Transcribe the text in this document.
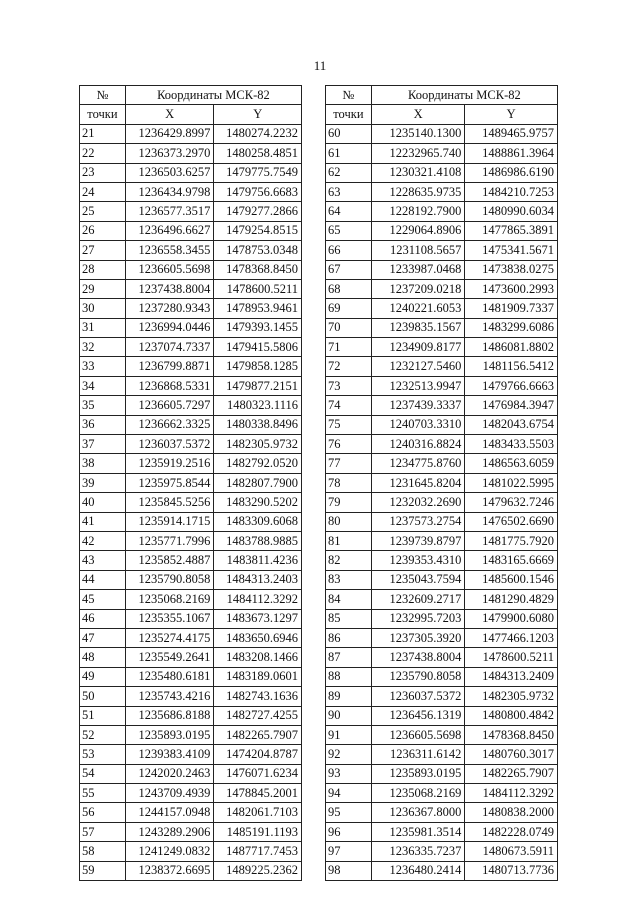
11
№	Координаты МСК-82	
точки	X	Y
21	1236429.8997	1480274.2232
22	1236373.2970	1480258.4851
23	1236503.6257	1479775.7549
24	1236434.9798	1479756.6683
25	1236577.3517	1479277.2866
26	1236496.6627	1479254.8515
27	1236558.3455	1478753.0348
28	1236605.5698	1478368.8450
29	1237438.8004	1478600.5211
30	1237280.9343	1478953.9461
31	1236994.0446	1479393.1455
32	1237074.7337	1479415.5806
33	1236799.8871	1479858.1285
34	1236868.5331	1479877.2151
35	1236605.7297	1480323.1116
36	1236662.3325	1480338.8496
37	1236037.5372	1482305.9732
38	1235919.2516	1482792.0520
39	1235975.8544	1482807.7900
40	1235845.5256	1483290.5202
41	1235914.1715	1483309.6068
42	1235771.7996	1483788.9885
43	1235852.4887	1483811.4236
44	1235790.8058	1484313.2403
45	1235068.2169	1484112.3292
46	1235355.1067	1483673.1297
47	1235274.4175	1483650.6946
48	1235549.2641	1483208.1466
49	1235480.6181	1483189.0601
50	1235743.4216	1482743.1636
51	1235686.8188	1482727.4255
52	1235893.0195	1482265.7907
53	1239383.4109	1474204.8787
54	1242020.2463	1476071.6234
55	1243709.4939	1478845.2001
56	1244157.0948	1482061.7103
57	1243289.2906	1485191.1193
58	1241249.0832	1487717.7453
59	1238372.6695	1489225.2362
№	Координаты МСК-82	
точки	X	Y
60	1235140.1300	1489465.9757
61	12232965.740	1488861.3964
62	1230321.4108	1486986.6190
63	1228635.9735	1484210.7253
64	1228192.7900	1480990.6034
65	1229064.8906	1477865.3891
66	1231108.5657	1475341.5671
67	1233987.0468	1473838.0275
68	1237209.0218	1473600.2993
69	1240221.6053	1481909.7337
70	1239835.1567	1483299.6086
71	1234909.8177	1486081.8802
72	1232127.5460	1481156.5412
73	1232513.9947	1479766.6663
74	1237439.3337	1476984.3947
75	1240703.3310	1482043.6754
76	1240316.8824	1483433.5503
77	1234775.8760	1486563.6059
78	1231645.8204	1481022.5995
79	1232032.2690	1479632.7246
80	1237573.2754	1476502.6690
81	1239739.8797	1481775.7920
82	1239353.4310	1483165.6669
83	1235043.7594	1485600.1546
84	1232609.2717	1481290.4829
85	1232995.7203	1479900.6080
86	1237305.3920	1477466.1203
87	1237438.8004	1478600.5211
88	1235790.8058	1484313.2409
89	1236037.5372	1482305.9732
90	1236456.1319	1480800.4842
91	1236605.5698	1478368.8450
92	1236311.6142	1480760.3017
93	1235893.0195	1482265.7907
94	1235068.2169	1484112.3292
95	1236367.8000	1480838.2000
96	1235981.3514	1482228.0749
97	1236335.7237	1480673.5911
98	1236480.2414	1480713.7736
